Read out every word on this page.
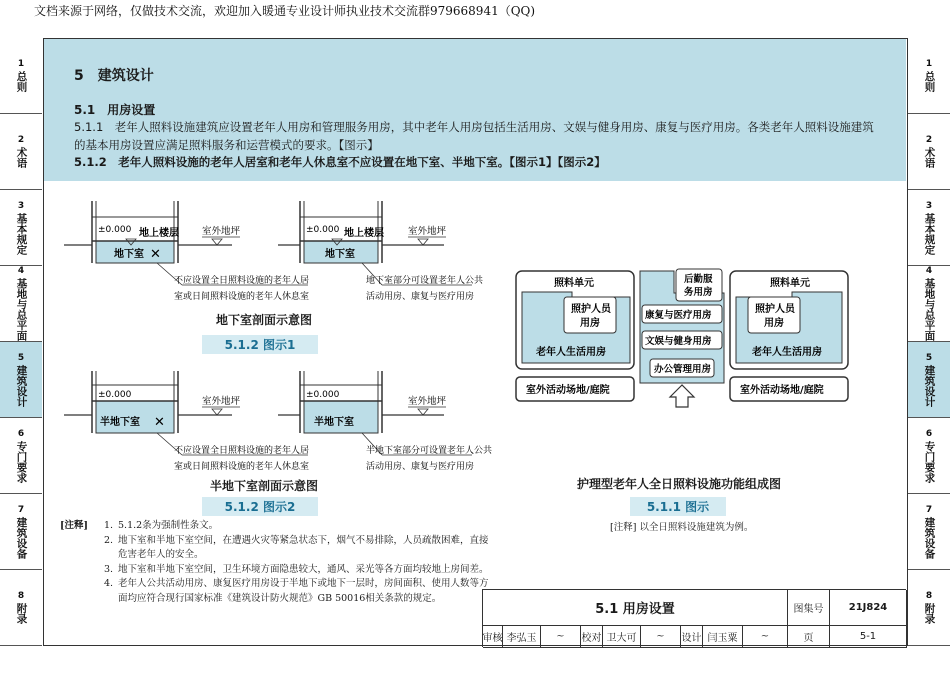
文档来源于网络，仅做技术交流，欢迎加入暖通专业设计师执业技术交流群979668941（QQ)
1
总则
2
术语
3
基本规定
4
基地与总平面
5
建筑设计
6
专门要求
7
建筑设备
8
附录
1
总则
2
术语
3
基本规定
4
基地与总平面
5
建筑设计
6
专门要求
7
建筑设备
8
附录
5　建筑设计
5.1　用房设置
5.1.1　老年人照料设施建筑应设置老年人用房和管理服务用房，其中老年人用房包括生活用房、文娱与健身用房、康复与医疗用房。各类老年人照料设施建筑的基本用房设置应满足照料服务和运营模式的要求。【图示】
5.1.2　老年人照料设施的老年人居室和老年人休息室不应设置在地下室、半地下室。【图示1】【图示2】
±0.000 地上楼层 室外地坪
地下室 ✕
不应设置全日照料设施的老年人居
室或日间照料设施的老年人休息室
±0.000 地上楼层	室外地坪
地下室
地下室部分可设置老年人公共
活动用房、康复与医疗用房
地下室剖面示意图
5.1.2 图示1
±0.000
室外地坪
半地下室 ✕
不应设置全日照料设施的老年人居
室或日间照料设施的老年人休息室
±0.000
室外地坪
半地下室
半地下室部分可设置老年人公共
活动用房、康复与医疗用房
半地下室剖面示意图
5.1.2 图示2
照料单元
照护人员
用房
老年人生活用房
后勤服
务用房
康复与医疗用房
文娱与健身用房
办公管理用房
照料单元
照护人员
用房
老年人生活用房
室外活动场地/庭院	室外活动场地/庭院
护理型老年人全日照料设施功能组成图
5.1.1 图示
[注释] 以全日照料设施建筑为例。
[注释]	1. 5.1.2条为强制性条文。
2. 地下室和半地下室空间，在遭遇火灾等紧急状态下，烟气不易排除，人员疏散困难，直接危害老年人的安全。
3. 地下室和半地下室空间，卫生环境方面隐患较大，通风、采光等各方面均较地上房间差。
4. 老年人公共活动用房、康复医疗用房设于半地下或地下一层时，房间面积、使用人数等方面均应符合现行国家标准《建筑设计防火规范》GB 50016相关条款的规定。
5.1 用房设置	图集号	21J824
审核 李弘玉	~	校对 卫大可	~	设计 闫玉粟	~	页	5-1
